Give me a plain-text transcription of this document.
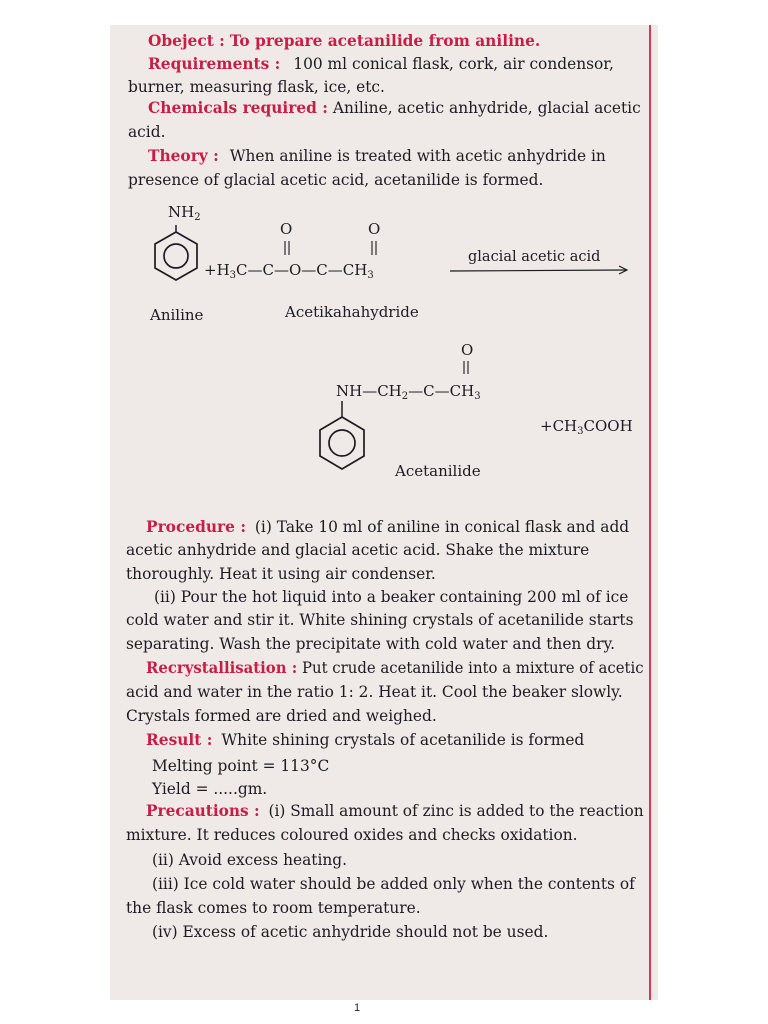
Obeject : To prepare acetanilide from aniline.
Requirements : 100 ml conical flask, cork, air condensor,
burner, measuring flask, ice, etc.
Chemicals required : Aniline, acetic anhydride, glacial acetic
acid.
Theory : When aniline is treated with acetic anhydride in
presence of glacial acetic acid, acetanilide is formed.
$NH_2$
O	O
$+H_3C—C—O—C—CH_3$
glacial acetic acid
Aniline	Acetikahahydride
O
$NH—CH_2—C—CH_3$
$+CH_3COOH$
Acetanilide
Procedure : (i) Take 10 ml of aniline in conical flask and add
acetic anhydride and glacial acetic acid. Shake the mixture
thoroughly. Heat it using air condenser.
(ii) Pour the hot liquid into a beaker containing 200 ml of ice
cold water and stir it. White shining crystals of acetanilide starts
separating. Wash the precipitate with cold water and then dry.
Recrystallisation : Put crude acetanilide into a mixture of acetic
acid and water in the ratio 1: 2. Heat it. Cool the beaker slowly.
Crystals formed are dried and weighed.
Result : White shining crystals of acetanilide is formed
Melting point = 113°C
Yield = .....gm.
Precautions : (i) Small amount of zinc is added to the reaction
mixture. It reduces coloured oxides and checks oxidation.
(ii) Avoid excess heating.
(iii) Ice cold water should be added only when the contents of
the flask comes to room temperature.
(iv) Excess of acetic anhydride should not be used.
1
